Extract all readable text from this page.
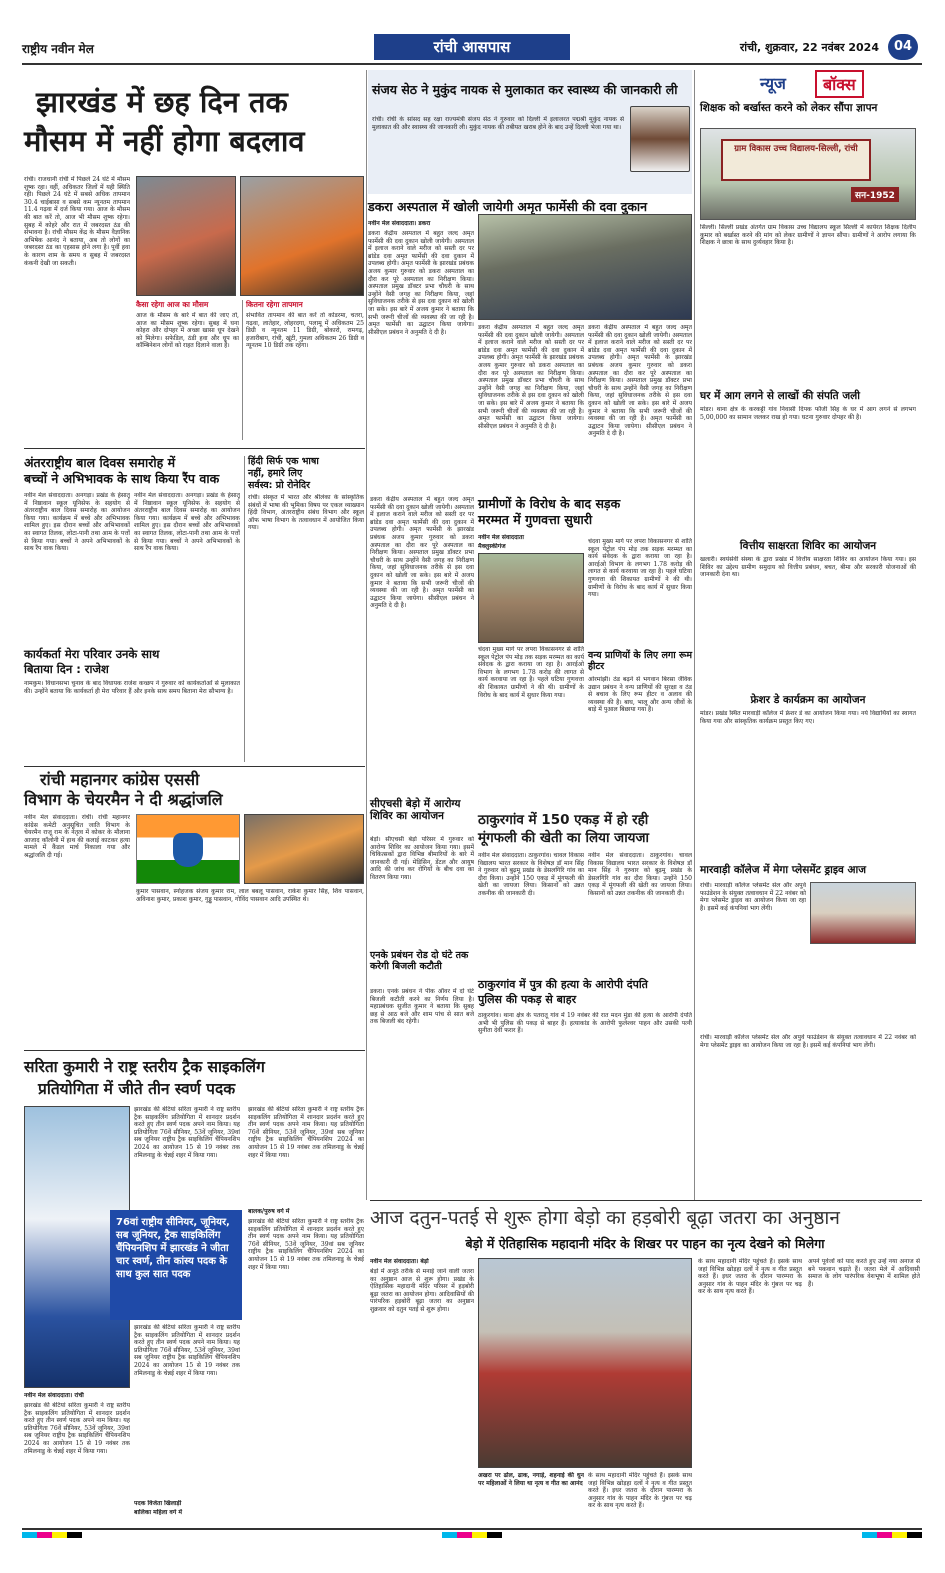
राष्ट्रीय नवीन मेल	रांची आसपास	रांची, शुक्रवार, 22 नवंबर 2024	04
झारखंड में छह दिन तक
मौसम में नहीं होगा बदलाव
रांची। राजधानी रांची में पिछले 24 घंटे में मौसम शुष्क रहा। वहीं, अधिकतर जिलों में यही स्थिति रही। पिछले 24 घंटे में सबसे अधिक तापमान 30.4 चाईबासा व सबसे कम न्यूनतम तापमान 11.4 गढ़वा में दर्ज किया गया। आज के मौसम की बात करें तो, आज भी मौसम शुष्क रहेगा। सुबह में कोहरे और रात में जबरदस्त ठंड की संभावना है। रांची मौसम केंद्र के मौसम वैज्ञानिक अभिषेक आनंद ने बताया, अब तो लोगों का जबरदस्त ठंड का एहसास होने लगा है। पूर्वी हवा के कारण शाम के समय व सुबह में जबरदस्त कंकनी देखी जा सकती।
कैसा रहेगा आज का मौसम
आज के मौसम के बारे में बात की जाए तो, आज का मौसम शुष्क रहेगा। सुबह में घना कोहरा और दोपहर में अच्छा खासा धूप देखने को मिलेगा। सफेडिल, ठंडी हवा और धूप का कॉम्बिनेशन लोगों को राहत दिलाने वाला है।
कितना रहेगा तापमान
संभावित तापमान की बात करें तो कोडरमा, चतरा, गढ़वा, लातेहार, लोहरदगा, पलामू में अधिकतम 25 डिग्री व न्यूनतम 11 डिग्री, बोकारो, रामगढ़, हजारीबाग, रांची, खूंटी, गुमला अधिकतम 26 डिग्री व न्यूनतम 10 डिग्री तक रहेगा।
संजय सेठ ने मुकुंद नायक से मुलाकात कर स्वास्थ्य की जानकारी ली
रांची। रांची के सांसद सह रक्षा राज्यमंत्री संजय सेठ ने गुरुवार को दिल्ली में इलाजरत पद्मश्री मुकुंद नायक से मुलाकात की और स्वास्थ्य की जानकारी ली। मुकुंद नायक की तबीयत खराब होने के बाद उन्हें दिल्ली भेजा गया था।
डकरा अस्पताल में खोली जायेगी अमृत फार्मेसी की दवा दुकान
नवीन मेल संवाददाता। डकरा
डकरा केंद्रीय अस्पताल में बहुत जल्द अमृत फार्मेसी की दवा दुकान खोली जायेगी। अस्पताल में इलाज कराने वाले मरीज को सस्ती दर पर ब्रांडेड दवा अमृत फार्मेसी की दवा दुकान में उपलब्ध होगी। अमृत फार्मेसी के झारखंड प्रबंधक अजय कुमार गुरुवार को डकरा अस्पताल का दौरा कर पूरे अस्पताल का निरीक्षण किया। अस्पताल प्रमुख डॉक्टर प्रभा चौधरी के साथ उन्होंने वैसी जगह का निरीक्षण किया, जहां सुविधाजनक तरीके से इस दवा दुकान को खोली जा सके। इस बारे में अजय कुमार ने बताया कि सभी जरूरी चीजों की व्यवस्था की जा रही है। अमृत फार्मेसी का उद्घाटन किया जायेगा। सीसीएल प्रबंधन ने अनुमति दे दी है।
डकरा केंद्रीय अस्पताल में बहुत जल्द अमृत फार्मेसी की दवा दुकान खोली जायेगी। अस्पताल में इलाज कराने वाले मरीज को सस्ती दर पर ब्रांडेड दवा अमृत फार्मेसी की दवा दुकान में उपलब्ध होगी। अमृत फार्मेसी के झारखंड प्रबंधक अजय कुमार गुरुवार को डकरा अस्पताल का दौरा कर पूरे अस्पताल का निरीक्षण किया। अस्पताल प्रमुख डॉक्टर प्रभा चौधरी के साथ उन्होंने वैसी जगह का निरीक्षण किया, जहां सुविधाजनक तरीके से इस दवा दुकान को खोली जा सके। इस बारे में अजय कुमार ने बताया कि सभी जरूरी चीजों की व्यवस्था की जा रही है। अमृत फार्मेसी का उद्घाटन किया जायेगा। सीसीएल प्रबंधन ने अनुमति दे दी है।
डकरा केंद्रीय अस्पताल में बहुत जल्द अमृत फार्मेसी की दवा दुकान खोली जायेगी। अस्पताल में इलाज कराने वाले मरीज को सस्ती दर पर ब्रांडेड दवा अमृत फार्मेसी की दवा दुकान में उपलब्ध होगी। अमृत फार्मेसी के झारखंड प्रबंधक अजय कुमार गुरुवार को डकरा अस्पताल का दौरा कर पूरे अस्पताल का निरीक्षण किया। अस्पताल प्रमुख डॉक्टर प्रभा चौधरी के साथ उन्होंने वैसी जगह का निरीक्षण किया, जहां सुविधाजनक तरीके से इस दवा दुकान को खोली जा सके। इस बारे में अजय कुमार ने बताया कि सभी जरूरी चीजों की व्यवस्था की जा रही है। अमृत फार्मेसी का उद्घाटन किया जायेगा। सीसीएल प्रबंधन ने अनुमति दे दी है।
ग्रामीणों के विरोध के बाद सड़क
मरम्मत में गुणवत्ता सुधारी
नवीन मेल संवाददाता
मैक्लुस्कीगंज
चंदवा मुख्य मार्ग पर लपरा विकासनगर से शांति स्कूल पेट्रोल पंप मोड़ तक सड़क मरम्मत का कार्य संवेदक के द्वारा कराया जा रहा है। आरईओ विभाग के लगभग 1.78 करोड़ की लागत से कार्य करवाया जा रहा है। पहले घटिया गुणवत्ता की शिकायत ग्रामीणों ने की थी। ग्रामीणों के विरोध के बाद कार्य में सुधार किया गया।
चंदवा मुख्य मार्ग पर लपरा विकासनगर से शांति स्कूल पेट्रोल पंप मोड़ तक सड़क मरम्मत का कार्य संवेदक के द्वारा कराया जा रहा है। आरईओ विभाग के लगभग 1.78 करोड़ की लागत से कार्य करवाया जा रहा है। पहले घटिया गुणवत्ता की शिकायत ग्रामीणों ने की थी। ग्रामीणों के विरोध के बाद कार्य में सुधार किया गया।
वन्य प्राणियों के लिए लगा रूम हीटर
ओरमांझी। ठंड बढ़ने से भगवान बिरसा जैविक उद्यान प्रबंधन ने वन्य प्राणियों की सुरक्षा व ठंड से बचाव के लिए रूम हीटर व अलाव की व्यवस्था की है। बाघ, भालू और अन्य जीवों के बाड़े में पुआल बिछाया गया है।
अंतरराष्ट्रीय बाल दिवस समारोह में
बच्चों ने अभिभावक के साथ किया रैंप वाक
नवीन मेल संवाददाता। अनगड़ा। प्रखंड के हेसातू में निष्ठावान स्कूल यूनिसेफ के सहयोग से अंतरराष्ट्रीय बाल दिवस समारोह का आयोजन किया गया। कार्यक्रम में बच्चे और अभिभावक शामिल हुए। इस दौरान बच्चों और अभिभावकों का स्वागत तिलक, लोटा-पानी तथा आम के पत्तों से किया गया। बच्चों ने अपने अभिभावकों के साथ रैंप वाक किया।
नवीन मेल संवाददाता। अनगड़ा। प्रखंड के हेसातू में निष्ठावान स्कूल यूनिसेफ के सहयोग से अंतरराष्ट्रीय बाल दिवस समारोह का आयोजन किया गया। कार्यक्रम में बच्चे और अभिभावक शामिल हुए। इस दौरान बच्चों और अभिभावकों का स्वागत तिलक, लोटा-पानी तथा आम के पत्तों से किया गया। बच्चों ने अपने अभिभावकों के साथ रैंप वाक किया।
कार्यकर्ता मेरा परिवार उनके साथ
बिताया दिन : राजेश
नामकुम। विधानसभा चुनाव के बाद विधायक राजेश कच्छप ने गुरुवार को कार्यकर्ताओं से मुलाकात की। उन्होंने बताया कि कार्यकर्ता ही मेरा परिवार हैं और इनके साथ समय बिताना मेरा सौभाग्य है।
हिंदी सिर्फ एक भाषा
नहीं, हमारे लिए
सर्वस्व: प्रो रोनेदिर
रांची। संस्कृत में भारत और श्रीलंका के सांस्कृतिक संबंधों में भाषा की भूमिका विषय पर एकल व्याख्यान हिंदी विभाग, अंतरराष्ट्रीय संबंध विभाग और स्कूल ऑफ भाषा विभाग के तत्वावधान में आयोजित किया गया।
रांची महानगर कांग्रेस एससी
विभाग के चेयरमैन ने दी श्रद्धांजलि
नवीन मेल संवाददाता। रांची। रांची महानगर कांग्रेस कमेटी अनुसूचित जाति विभाग के चेयरमैन राजू राम के नेतृत्व में कोकर के मौलाना आजाद कॉलोनी में हाथ की कलाई काटकर हत्या मामले में कैंडल मार्च निकाला गया और श्रद्धांजलि दी गई।
कुमार पासवान, स्नोहजक संजय कुमार राम, लाल बबलू पासवान, राकेश कुमार सिंह, शिव पासवान, अविनाश कुमार, प्रकाश कुमार, गुड्डू पासवान, गोविंद पासवान आदि उपस्थित थे।
सीएचसी बेड़ो में आरोग्य शिविर का आयोजन
बेड़ो। सीएचसी बेड़ो परिसर में गुरुवार को आरोग्य शिविर का आयोजन किया गया। इसमें चिकित्सकों द्वारा विभिन्न बीमारियों के बारे में जानकारी दी गई। मेडिसिन, डेंटल और आयुष आदि की जांच कर रोगियों के बीच दवा का वितरण किया गया।
एनके प्रबंधन रोड दो घंटे तक करेगी बिजली कटौती
डकरा। एनके प्रबंधन ने पीक ऑवर में दो घंटे बिजली कटौती करने का निर्णय लिया है। महाप्रबंधक सुजीत कुमार ने बताया कि सुबह छह से आठ बजे और शाम पांच से सात बजे तक बिजली बंद रहेगी।
डकरा केंद्रीय अस्पताल में बहुत जल्द अमृत फार्मेसी की दवा दुकान खोली जायेगी। अस्पताल में इलाज कराने वाले मरीज को सस्ती दर पर ब्रांडेड दवा अमृत फार्मेसी की दवा दुकान में उपलब्ध होगी। अमृत फार्मेसी के झारखंड प्रबंधक अजय कुमार गुरुवार को डकरा अस्पताल का दौरा कर पूरे अस्पताल का निरीक्षण किया। अस्पताल प्रमुख डॉक्टर प्रभा चौधरी के साथ उन्होंने वैसी जगह का निरीक्षण किया, जहां सुविधाजनक तरीके से इस दवा दुकान को खोली जा सके। इस बारे में अजय कुमार ने बताया कि सभी जरूरी चीजों की व्यवस्था की जा रही है। अमृत फार्मेसी का उद्घाटन किया जायेगा। सीसीएल प्रबंधन ने अनुमति दे दी है।
ठाकुरगांव में 150 एकड़ में हो रही
मूंगफली की खेती का लिया जायजा
नवीन मेल संवाददाता। ठाकुरगांव। चावल विकास विद्यालय भारत सरकार के विशेषज्ञ डॉ मान सिंह ने गुरुवार को बुढ़मू प्रखंड के डेसलगिरि गांव का दौरा किया। उन्होंने 150 एकड़ में मूंगफली की खेती का जायजा लिया। किसानों को उन्नत तकनीक की जानकारी दी।
नवीन मेल संवाददाता। ठाकुरगांव। चावल विकास विद्यालय भारत सरकार के विशेषज्ञ डॉ मान सिंह ने गुरुवार को बुढ़मू प्रखंड के डेसलगिरि गांव का दौरा किया। उन्होंने 150 एकड़ में मूंगफली की खेती का जायजा लिया। किसानों को उन्नत तकनीक की जानकारी दी।
ठाकुरगांव में पुत्र की हत्या के आरोपी दंपति
पुलिस की पकड़ से बाहर
ठाकुरगांव। थाना क्षेत्र के पतरातू गांव में 19 नवंबर की रात मदन मुंडा की हत्या के आरोपी दंपति अभी भी पुलिस की पकड़ से बाहर हैं। हत्याकांड के आरोपी फुलेश्वर पाहन और उसकी पत्नी सुनीता देवी फरार हैं।
सरिता कुमारी ने राष्ट्र स्तरीय ट्रैक साइकलिंग
प्रतियोगिता में जीते तीन स्वर्ण पदक
76वां राष्ट्रीय सीनियर, जूनियर, सब जूनियर, ट्रैक साइकिलिंग चैंपियनशिप में झारखंड ने जीता चार स्वर्ण, तीन कांस्य पदक के साथ कुल सात पदक
नवीन मेल संवाददाता। रांची
झारखंड की बेटियां सरिता कुमारी ने राष्ट्र स्तरीय ट्रैक साइकलिंग प्रतियोगिता में शानदार प्रदर्शन करते हुए तीन स्वर्ण पदक अपने नाम किया। यह प्रतियोगिता 76वें सीनियर, 53वें जूनियर, 39वां सब जूनियर राष्ट्रीय ट्रैक साइकिलिंग चैंपियनशिप 2024 का आयोजन 15 से 19 नवंबर तक तमिलनाडु के चेन्नई शहर में किया गया।
झारखंड की बेटियां सरिता कुमारी ने राष्ट्र स्तरीय ट्रैक साइकलिंग प्रतियोगिता में शानदार प्रदर्शन करते हुए तीन स्वर्ण पदक अपने नाम किया। यह प्रतियोगिता 76वें सीनियर, 53वें जूनियर, 39वां सब जूनियर राष्ट्रीय ट्रैक साइकिलिंग चैंपियनशिप 2024 का आयोजन 15 से 19 नवंबर तक तमिलनाडु के चेन्नई शहर में किया गया।
झारखंड की बेटियां सरिता कुमारी ने राष्ट्र स्तरीय ट्रैक साइकलिंग प्रतियोगिता में शानदार प्रदर्शन करते हुए तीन स्वर्ण पदक अपने नाम किया। यह प्रतियोगिता 76वें सीनियर, 53वें जूनियर, 39वां सब जूनियर राष्ट्रीय ट्रैक साइकिलिंग चैंपियनशिप 2024 का आयोजन 15 से 19 नवंबर तक तमिलनाडु के चेन्नई शहर में किया गया।
झारखंड की बेटियां सरिता कुमारी ने राष्ट्र स्तरीय ट्रैक साइकलिंग प्रतियोगिता में शानदार प्रदर्शन करते हुए तीन स्वर्ण पदक अपने नाम किया। यह प्रतियोगिता 76वें सीनियर, 53वें जूनियर, 39वां सब जूनियर राष्ट्रीय ट्रैक साइकिलिंग चैंपियनशिप 2024 का आयोजन 15 से 19 नवंबर तक तमिलनाडु के चेन्नई शहर में किया गया।
बालक/पुरुष वर्ग में
झारखंड की बेटियां सरिता कुमारी ने राष्ट्र स्तरीय ट्रैक साइकलिंग प्रतियोगिता में शानदार प्रदर्शन करते हुए तीन स्वर्ण पदक अपने नाम किया। यह प्रतियोगिता 76वें सीनियर, 53वें जूनियर, 39वां सब जूनियर राष्ट्रीय ट्रैक साइकिलिंग चैंपियनशिप 2024 का आयोजन 15 से 19 नवंबर तक तमिलनाडु के चेन्नई शहर में किया गया।
पदक विजेता खिलाड़ी
बालिका महिला वर्ग में
न्यूज	बॉक्स
शिक्षक को बर्खास्त करने को लेकर सौंपा ज्ञापन
ग्राम विकास उच्च विद्यालय-सिल्ली, रांची
सन-1952
सिल्ली। सिल्ली प्रखंड अंतर्गत ग्राम विकास उच्च विद्यालय स्कूल सिल्ली में कार्यरत शिक्षक दिलीप कुमार को बर्खास्त करने की मांग को लेकर ग्रामीणों ने ज्ञापन सौंपा। ग्रामीणों ने आरोप लगाया कि शिक्षक ने छात्रा के साथ दुर्व्यवहार किया है।
घर में आग लगने से लाखों की संपति जली
मांडर। थाना क्षेत्र के करकट्टी गांव निवासी दिपक फौजी सिंह के घर में आग लगने से लगभग 5,00,000 का सामान जलकर राख हो गया। घटना गुरुवार दोपहर की है।
वित्तीय साक्षरता शिविर का आयोजन
खलारी। स्वयंसेवी संस्था के द्वारा प्रखंड में वित्तीय साक्षरता शिविर का आयोजन किया गया। इस शिविर का उद्देश्य ग्रामीण समुदाय को वित्तीय प्रबंधन, बचत, बीमा और सरकारी योजनाओं की जानकारी देना था।
फ्रेशर डे कार्यक्रम का आयोजन
मांडर। प्रखंड स्थित मारवाड़ी कॉलेज में फ्रेशर डे का आयोजन किया गया। नये विद्यार्थियों का स्वागत किया गया और सांस्कृतिक कार्यक्रम प्रस्तुत किए गए।
मारवाड़ी कॉलेज में मेगा प्लेसमेंट ड्राइव आज
रांची। मारवाड़ी कॉलेज प्लेसमेंट सेल और अपुर्व फाउंडेशन के संयुक्त तत्वावधान में 22 नवंबर को मेगा प्लेसमेंट ड्राइव का आयोजन किया जा रहा है। इसमें कई कंपनियां भाग लेंगी।
रांची। मारवाड़ी कॉलेज प्लेसमेंट सेल और अपुर्व फाउंडेशन के संयुक्त तत्वावधान में 22 नवंबर को मेगा प्लेसमेंट ड्राइव का आयोजन किया जा रहा है। इसमें कई कंपनियां भाग लेंगी।
आज दतुन-पतई से शुरू होगा बेड़ो का हड़बोरी बूढ़ा जतरा का अनुष्ठान
बेड़ो में ऐतिहासिक महादानी मंदिर के शिखर पर पाहन का नृत्य देखने को मिलेगा
नवीन मेल संवाददाता। बेड़ो
बेड़ो में अनूठे तरीके से मनाई जाने वाली जतरा का अनुष्ठान आज से शुरू होगा। प्रखंड के ऐतिहासिक महादानी मंदिर परिसर में हड़बोरी बूढ़ा जतरा का आयोजन होगा। आदिवासियों की पारंपरिक हड़बोरी बूढ़ा जतरा का अनुष्ठान शुक्रवार को दतुन पतई से शुरू होगा।
अखरा पर ढोल, ढाक, नगाड़े, शहनाई की धुन पर महिलाओं ने लिया था नृत्य व गीत का आनंद
के साथ महादानी मंदिर पहुंचते हैं। इसके साथ जहां विभिन्न खोड़हा दलों ने नृत्य व गीत प्रस्तुत करते हैं। इधर जतरा के दौरान पारम्परा के अनुसार गांव के पाहन मंदिर के गुंबज पर चढ़ कर के साथ नृत्य करते हैं।
के साथ महादानी मंदिर पहुंचते हैं। इसके साथ जहां विभिन्न खोड़हा दलों ने नृत्य व गीत प्रस्तुत करते हैं। इधर जतरा के दौरान पारम्परा के अनुसार गांव के पाहन मंदिर के गुंबज पर चढ़ कर के साथ नृत्य करते हैं।
अपने पूर्वजों को याद करते हुए उन्हें नया अनाज से बने पकवान चढ़ाते हैं। जतरा मेले में आदिवासी समाज के लोग पारंपरिक वेशभूषा में शामिल होते हैं।
